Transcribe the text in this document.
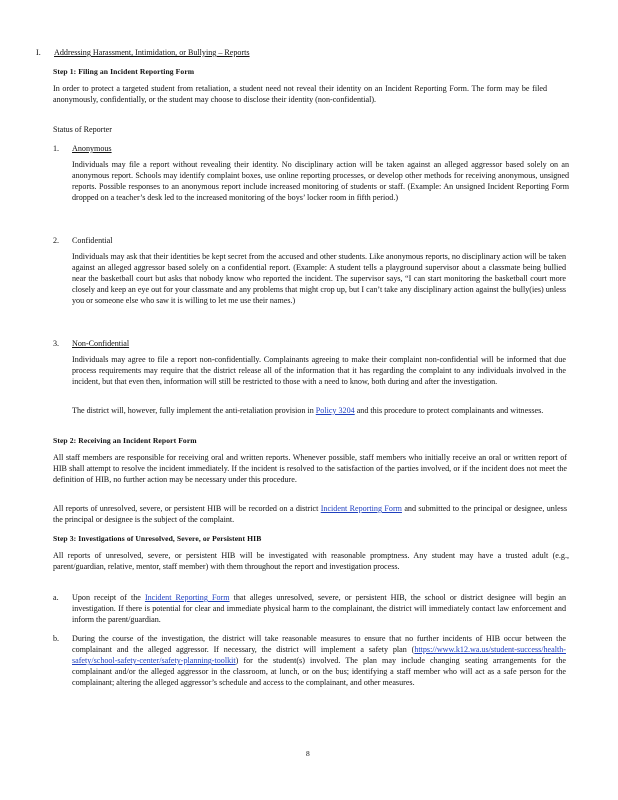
I. Addressing Harassment, Intimidation, or Bullying – Reports
Step 1: Filing an Incident Reporting Form

In order to protect a targeted student from retaliation, a student need not reveal their identity on an Incident Reporting Form. The form may be filed anonymously, confidentially, or the student may choose to disclose their identity (non-confidential).

Status of Reporter
1. Anonymous

Individuals may file a report without revealing their identity. No disciplinary action will be taken against an alleged aggressor based solely on an anonymous report. Schools may identify complaint boxes, use online reporting processes, or develop other methods for receiving anonymous, unsigned reports. Possible responses to an anonymous report include increased monitoring of students or staff. (Example: An unsigned Incident Reporting Form dropped on a teacher’s desk led to the increased monitoring of the boys’ locker room in fifth period.)

2. Confidential

Individuals may ask that their identities be kept secret from the accused and other students. Like anonymous reports, no disciplinary action will be taken against an alleged aggressor based solely on a confidential report. (Example: A student tells a playground supervisor about a classmate being bullied near the basketball court but asks that nobody know who reported the incident. The supervisor says, “I can start monitoring the basketball court more closely and keep an eye out for your classmate and any problems that might crop up, but I can’t take any disciplinary action against the bully(ies) unless you or someone else who saw it is willing to let me use their names.)

3. Non-Confidential

Individuals may agree to file a report non-confidentially. Complainants agreeing to make their complaint non-confidential will be informed that due process requirements may require that the district release all of the information that it has regarding the complaint to any individuals involved in the incident, but that even then, information will still be restricted to those with a need to know, both during and after the investigation.

The district will, however, fully implement the anti-retaliation provision in Policy 3204 and this procedure to protect complainants and witnesses.

Step 2: Receiving an Incident Report Form

All staff members are responsible for receiving oral and written reports. Whenever possible, staff members who initially receive an oral or written report of HIB shall attempt to resolve the incident immediately. If the incident is resolved to the satisfaction of the parties involved, or if the incident does not meet the definition of HIB, no further action may be necessary under this procedure.

All reports of unresolved, severe, or persistent HIB will be recorded on a district Incident Reporting Form and submitted to the principal or designee, unless the principal or designee is the subject of the complaint.

Step 3: Investigations of Unresolved, Severe, or Persistent HIB

All reports of unresolved, severe, or persistent HIB will be investigated with reasonable promptness. Any student may have a trusted adult (e.g., parent/guardian, relative, mentor, staff member) with them throughout the report and investigation process.

a. Upon receipt of the Incident Reporting Form that alleges unresolved, severe, or persistent HIB, the school or district designee will begin an investigation. If there is potential for clear and immediate physical harm to the complainant, the district will immediately contact law enforcement and inform the parent/guardian.

b. During the course of the investigation, the district will take reasonable measures to ensure that no further incidents of HIB occur between the complainant and the alleged aggressor. If necessary, the district will implement a safety plan (https://www.k12.wa.us/student-success/health-safety/school-safety-center/safety-planning-toolkit) for the student(s) involved. The plan may include changing seating arrangements for the complainant and/or the alleged aggressor in the classroom, at lunch, or on the bus; identifying a staff member who will act as a safe person for the complainant; altering the alleged aggressor’s schedule and access to the complainant, and other measures.

8
